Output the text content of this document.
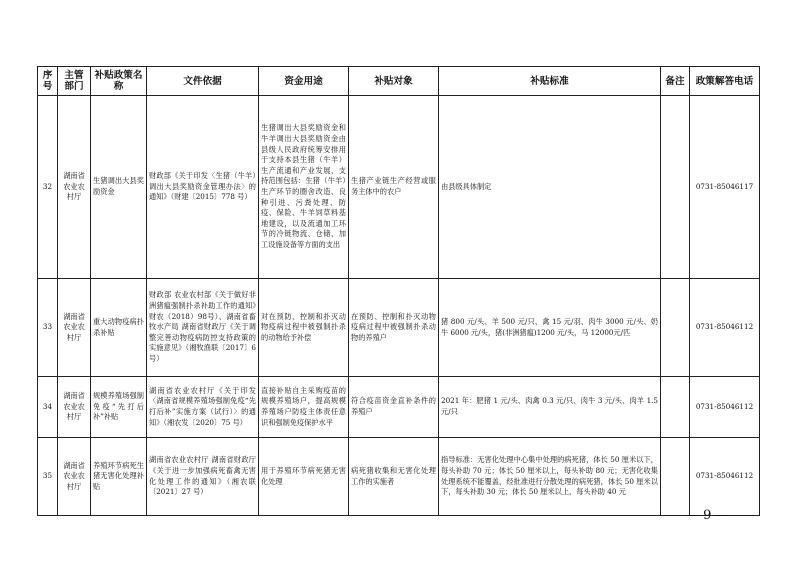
序号	主管部门	补贴政策名称	文件依据	资金用途	补贴对象	补贴标准	备注	政策解答电话
32	湖南省农业农村厅	生猪调出大县奖励资金	财政部《关于印发〈生猪（牛羊）调出大县奖励资金管理办法〉的通知》（财建〔2015〕778 号）	生猪调出大县奖励资金和牛羊调出大县奖励资金由县级人民政府统筹安排用于支持本县生猪（牛羊）生产流通和产业发展，支持范围包括：生猪（牛羊）生产环节的圈舍改造、良种引进、污粪处理、防疫、保险、牛羊饲草料基地建设，以及流通加工环节的冷链物流、仓储、加工设施设备等方面的支出	生猪产业链生产经营或服务主体中的农户	由县级具体制定		0731-85046117
33	湖南省农业农村厅	重大动物疫病扑杀补贴	财政部 农业农村部《关于做好非洲猪瘟强制扑杀补助工作的通知》财农（2018）98号）、湖南省畜牧水产局 湖南省财政厅《关于调整完善动物疫病防控支持政策的实施意见》（湘牧渔联〔2017〕6 号）	对在预防、控制和扑灭动物疫病过程中被强制扑杀的动物给予补偿	在预防、控制和扑灭动物疫病过程中被强制扑杀动物的养殖户	猪 800 元/头、羊 500 元/只、禽 15 元/羽、肉牛 3000 元/头、奶牛 6000 元/头，猪(非洲猪瘟)1200 元/头，马 12000元/匹		0731-85046112
34	湖南省农业农村厅	规模养殖场强制免疫“先打后补”补贴	湖南省农业农村厅《关于印发〈湖南省规模养殖场强制免疫“先打后补”实施方案（试行）〉的通知》（湘农发〔2020〕75 号）	直接补贴自主采购疫苗的规模养殖场户，提高规模养殖场户防疫主体责任意识和强制免疫保护水平	符合疫苗资金直补条件的养殖户	2021 年：肥猪 1 元/头、肉禽 0.3 元/只、肉牛 3 元/头、肉羊 1.5 元/只		0731-85046112
35	湖南省农业农村厅	养殖环节病死生猪无害化处理补贴	湖南省农业农村厅 湖南省财政厅《关于进一步加强病死畜禽无害化处理工作的通知》（湘农联〔2021〕27 号）	用于养殖环节病死猪无害化处理	病死猪收集和无害化处理工作的实施者	指导标准：无害化处理中心集中处理的病死猪，体长 50 厘米以下，每头补助 70 元；体长 50 厘米以上，每头补助 80 元；无害化收集处理系统不能覆盖，经批准进行分散处理的病死猪，体长 50 厘米以下，每头补助 30 元；体长 50 厘米以上，每头补助 40 元		0731-85046112
— 9 —
